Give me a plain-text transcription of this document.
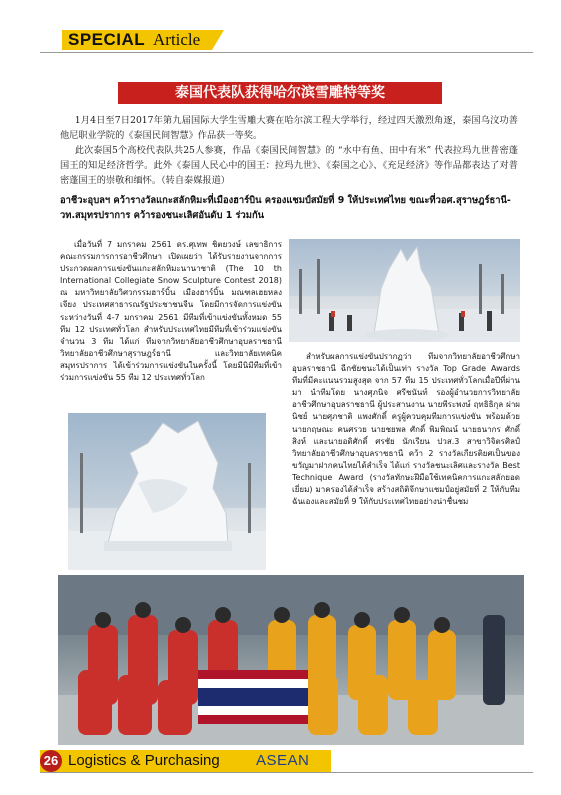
SPECIAL Article
泰国代表队获得哈尔滨雪雕特等奖

1月4日至7日2017年第九届国际大学生雪雕大赛在哈尔滨工程大学举行，经过四天激烈角逐，泰国乌汶功善他尼职业学院的《泰国民间智慧》作品获一等奖。

此次泰国5个高校代表队共25人参赛，作品《泰国民间智慧》的 “水中有鱼、田中有米” 代表拉玛九世普密蓬国王的知足经济哲学。此外《泰国人民心中的国王：拉玛九世》、《泰国之心》、《充足经济》等作品都表达了对普密蓬国王的崇敬和缅怀。（转自泰媒报道）

อาชีวะอุบลฯ คว้ารางวัลแกะสลักหิมะที่เมืองฮาร์บิน ครองแชมป์สมัยที่ 9 ให้ประเทศไทย ขณะที่วอศ.สุราษฎร์ธานี-วท.สมุทรปราการ คว้ารองชนะเลิศอันดับ 1 ร่วมกัน

เมื่อวันที่ 7 มกราคม 2561 ดร.ศุเทพ ชิตยวงษ์ เลขาธิการคณะกรรมการการอาชีวศึกษา เปิดเผยว่า ได้รับรายงานจากการประกวดผลการแข่งขันแกะสลักหิมะนานาชาติ (The 10 th International Collegiate Snow Sculpture Contest 2018) ณ มหาวิทยาลัยวิศวกรรมฮาร์บิ้น เมืองฮาร์บิ้น มณฑลเฮยหลงเจียง ประเทศสาธารณรัฐประชาชนจีน โดยมีการจัดการแข่งขันระหว่างวันที่ 4-7 มกราคม 2561 มีทีมที่เข้าแข่งขันทั้งหมด 55 ทีม 12 ประเทศทั่วโลก สำหรับประเทศไทยมีทีมที่เข้าร่วมแข่งขันจำนวน 3 ทีม ได้แก่ ทีมจากวิทยาลัยอาชีวศึกษาอุบลราชธานี วิทยาลัยอาชีวศึกษาสุราษฎร์ธานี และวิทยาลัยเทคนิคสมุทรปราการ ได้เข้าร่วมการแข่งขันในครั้งนี้ โดยมีนิมีทีมที่เข้าร่วมการแข่งขัน 55 ทีม 12 ประเทศทั่วโลก

สำหรับผลการแข่งขันปรากฏว่า ทีมจากวิทยาลัยอาชีวศึกษาอุบลราชธานี ฉีกชัยชนะได้เป็นเท่า รางวัล Top Grade Awards ทีมที่มีคะแนนรวมสูงสุด จาก 57 ทีม 15 ประเทศทั่วโลกเมื่อปีที่ผ่านมา นำทีมโดย นางศุภนิจ ศรีชนันท์ รองผู้อำนวยการวิทยาลัยอาชีวศึกษาอุบลราชธานี ผู้ประสานงาน นายพีระพงษ์ ฤทธิธิกุล ผ่าผนิชย์ นายศุภชาติ แพงศักดิ์ ครูผู้ควบคุมทีมการแข่งขัน พร้อมด้วย นายกฤษณะ คนศรวย นายชยพล ศักดิ์ พิมพิณน์ นายธนากร ศักดิ์สิงห์ และนายอดิศักดิ์ ศรชัย นักเรียน ปวส.3 สาขาวิจิตรศิลป์ วิทยาลัยอาชีวศึกษาอุบลราชธานี คว้า 2 รางวัลเกียรติยศเป็นของขวัญมาฝากคนไทยได้สำเร็จ ได้แก่ รางวัลชนะเลิศและรางวัล Best Technique Award (รางวัลทักษะฝีมือใช้เทคนิคการแกะสลักยอดเยี่ยม) มาครองได้สำเร็จ สร้างสถิติจีกษาแชมป์อยู่สมัยที่ 2 ให้กับทีมฉันเองและสมัยที่ 9 ให้กับประเทศไทยอย่างน่าชื่นชม

26 Logistics & Purchasing ASEAN
